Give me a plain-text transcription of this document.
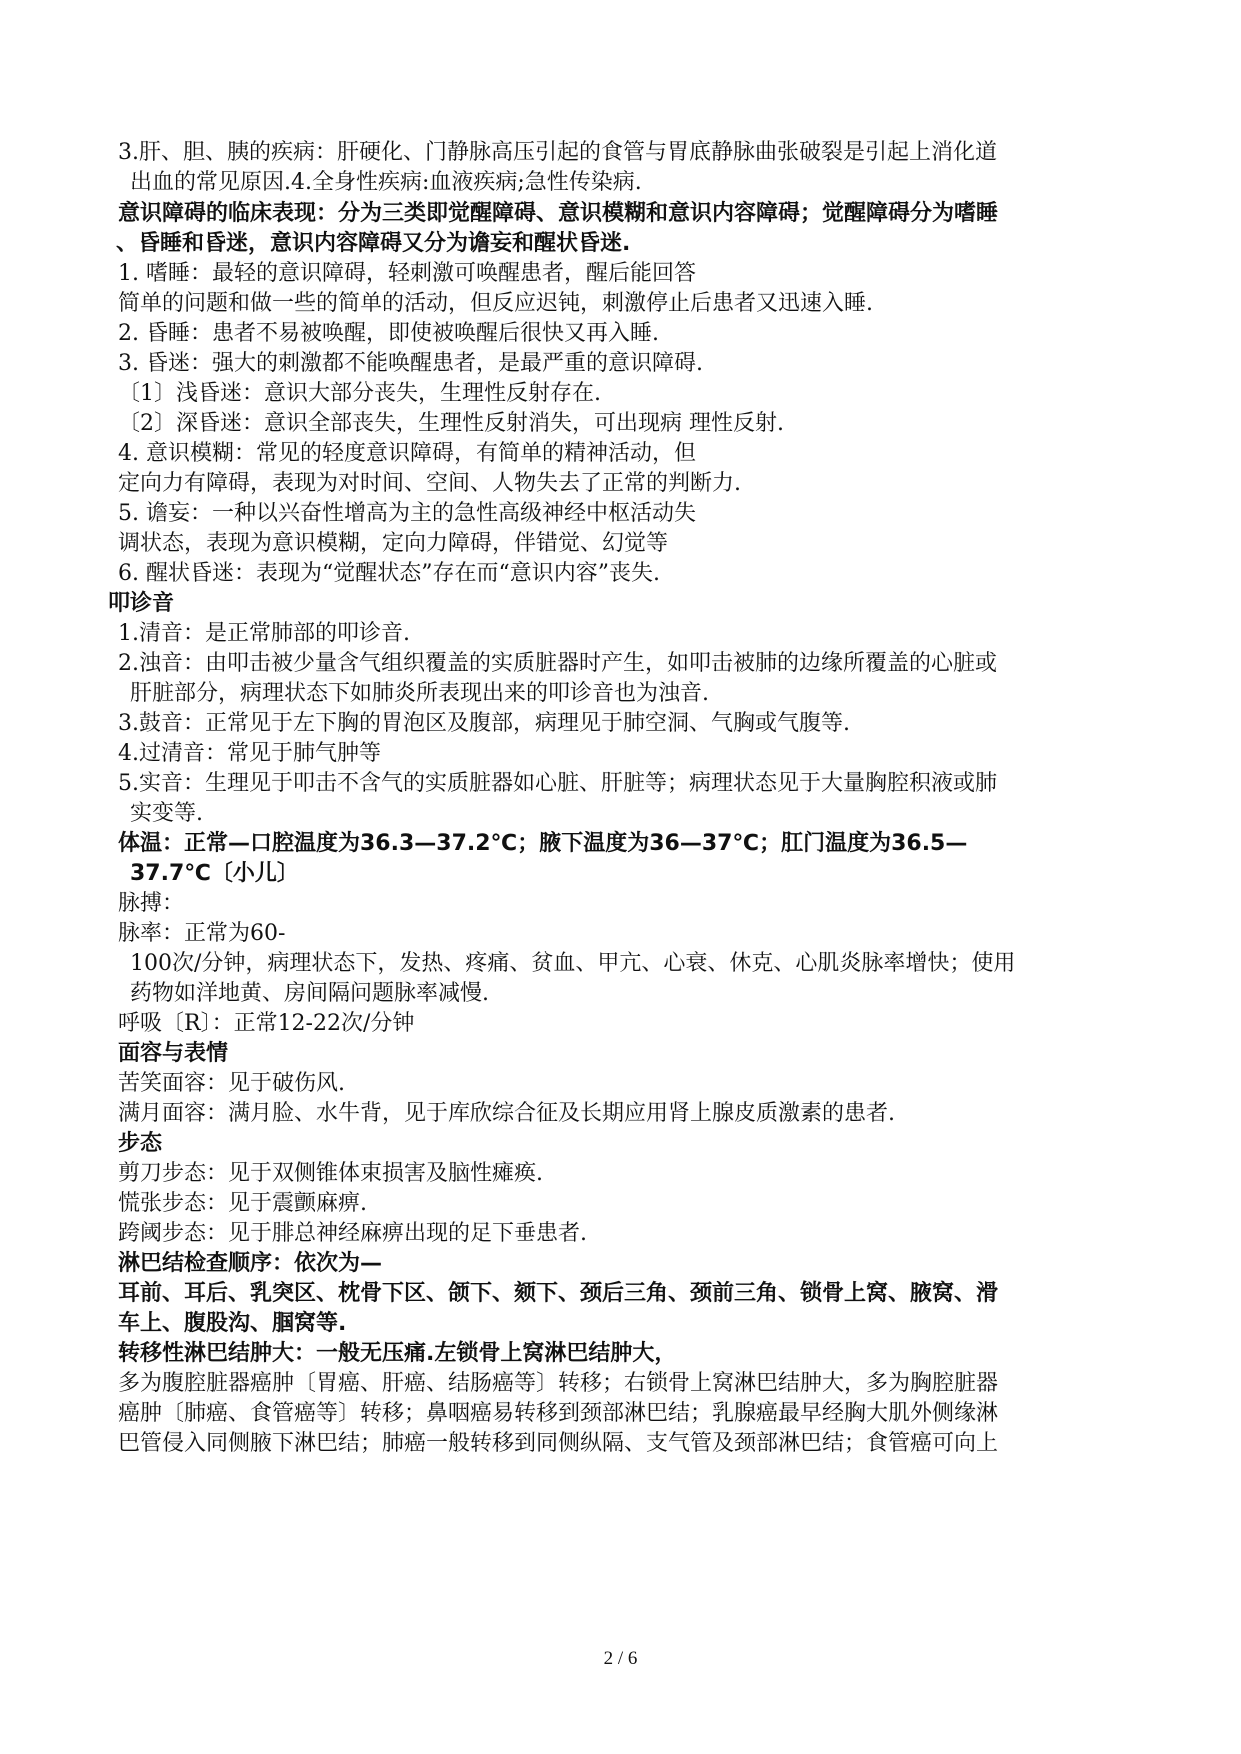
3.肝、胆、胰的疾病：肝硬化、门静脉高压引起的食管与胃底静脉曲张破裂是引起上消化道
出血的常见原因.4.全身性疾病:血液疾病;急性传染病.
意识障碍的临床表现：分为三类即觉醒障碍、意识模糊和意识内容障碍；觉醒障碍分为嗜睡
、昏睡和昏迷，意识内容障碍又分为谵妄和醒状昏迷.
1. 嗜睡：最轻的意识障碍，轻刺激可唤醒患者，醒后能回答
简单的问题和做一些的简单的活动，但反应迟钝，刺激停止后患者又迅速入睡.
2. 昏睡：患者不易被唤醒，即使被唤醒后很快又再入睡.
3. 昏迷：强大的刺激都不能唤醒患者，是最严重的意识障碍.
〔1〕浅昏迷：意识大部分丧失，生理性反射存在.
〔2〕深昏迷：意识全部丧失，生理性反射消失，可出现病 理性反射.
4. 意识模糊：常见的轻度意识障碍，有简单的精神活动，但
定向力有障碍，表现为对时间、空间、人物失去了正常的判断力.
5. 谵妄：一种以兴奋性增高为主的急性高级神经中枢活动失
调状态，表现为意识模糊，定向力障碍，伴错觉、幻觉等
6. 醒状昏迷：表现为“觉醒状态”存在而“意识内容”丧失.
叩诊音
1.清音：是正常肺部的叩诊音.
2.浊音：由叩击被少量含气组织覆盖的实质脏器时产生，如叩击被肺的边缘所覆盖的心脏或
肝脏部分，病理状态下如肺炎所表现出来的叩诊音也为浊音.
3.鼓音：正常见于左下胸的胃泡区及腹部，病理见于肺空洞、气胸或气腹等.
4.过清音：常见于肺气肿等
5.实音：生理见于叩击不含气的实质脏器如心脏、肝脏等；病理状态见于大量胸腔积液或肺
实变等.
体温：正常—口腔温度为36.3—37.2℃；腋下温度为36—37℃；肛门温度为36.5—
37.7℃〔小儿〕
脉搏：
脉率：正常为60-
100次/分钟，病理状态下，发热、疼痛、贫血、甲亢、心衰、休克、心肌炎脉率增快；使用
药物如洋地黄、房间隔问题脉率减慢.
呼吸〔R〕：正常12-22次/分钟
面容与表情
苦笑面容：见于破伤风.
满月面容：满月脸、水牛背，见于库欣综合征及长期应用肾上腺皮质激素的患者.
步态
剪刀步态：见于双侧锥体束损害及脑性瘫痪.
慌张步态：见于震颤麻痹.
跨阈步态：见于腓总神经麻痹出现的足下垂患者.
淋巴结检查顺序：依次为—
耳前、耳后、乳突区、枕骨下区、颌下、颏下、颈后三角、颈前三角、锁骨上窝、腋窝、滑
车上、腹股沟、腘窝等.
转移性淋巴结肿大：一般无压痛.左锁骨上窝淋巴结肿大，
多为腹腔脏器癌肿〔胃癌、肝癌、结肠癌等〕转移；右锁骨上窝淋巴结肿大，多为胸腔脏器
癌肿〔肺癌、食管癌等〕转移；鼻咽癌易转移到颈部淋巴结；乳腺癌最早经胸大肌外侧缘淋
巴管侵入同侧腋下淋巴结；肺癌一般转移到同侧纵隔、支气管及颈部淋巴结；食管癌可向上
2 / 6
